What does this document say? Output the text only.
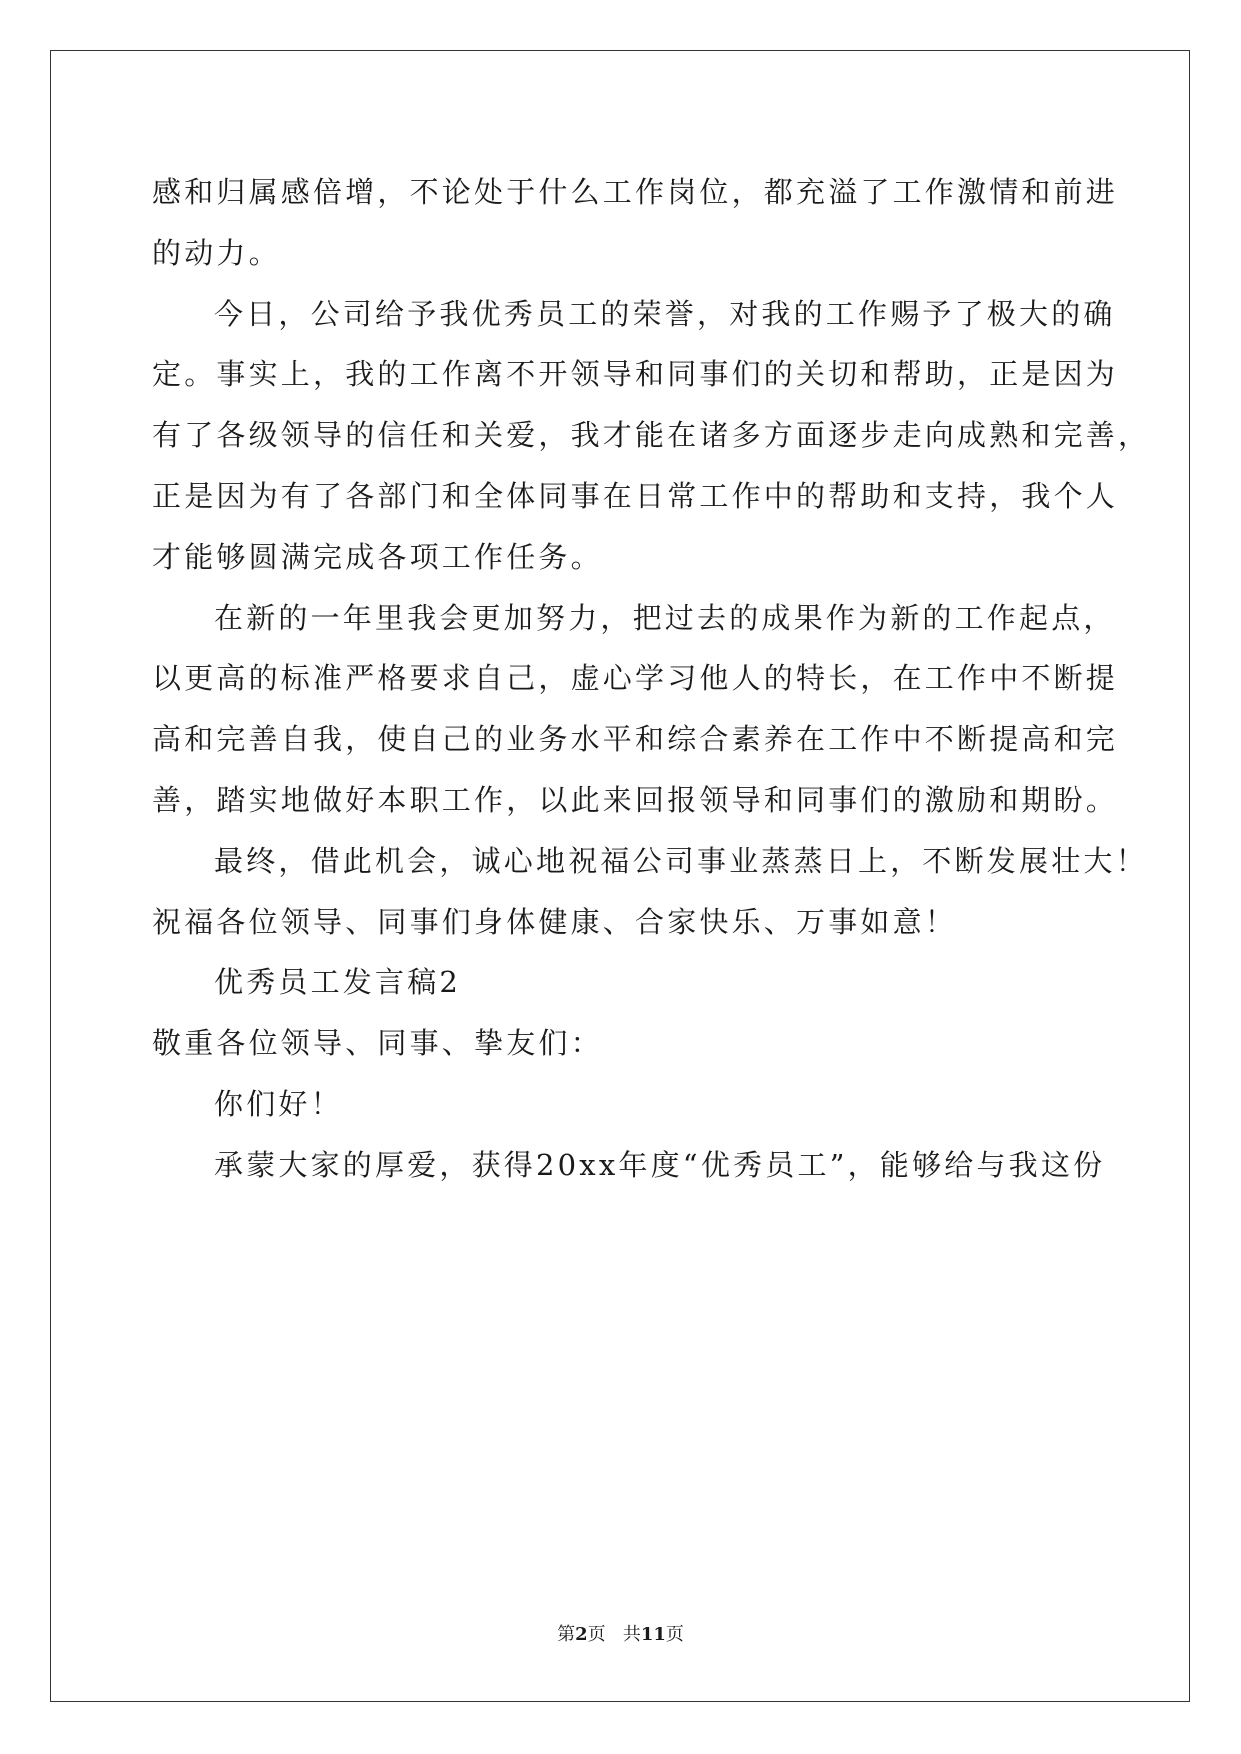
感和归属感倍增，不论处于什么工作岗位，都充溢了工作激情和前进
的动力。
今日，公司给予我优秀员工的荣誉，对我的工作赐予了极大的确
定。事实上，我的工作离不开领导和同事们的关切和帮助，正是因为
有了各级领导的信任和关爱，我才能在诸多方面逐步走向成熟和完善，
正是因为有了各部门和全体同事在日常工作中的帮助和支持，我个人
才能够圆满完成各项工作任务。
在新的一年里我会更加努力，把过去的成果作为新的工作起点，
以更高的标准严格要求自己，虚心学习他人的特长，在工作中不断提
高和完善自我，使自己的业务水平和综合素养在工作中不断提高和完
善，踏实地做好本职工作，以此来回报领导和同事们的激励和期盼。
最终，借此机会，诚心地祝福公司事业蒸蒸日上，不断发展壮大！
祝福各位领导、同事们身体健康、合家快乐、万事如意！
优秀员工发言稿2
敬重各位领导、同事、挚友们：
你们好！
承蒙大家的厚爱，获得20xx年度“优秀员工”，能够给与我这份
第2页 共11页
